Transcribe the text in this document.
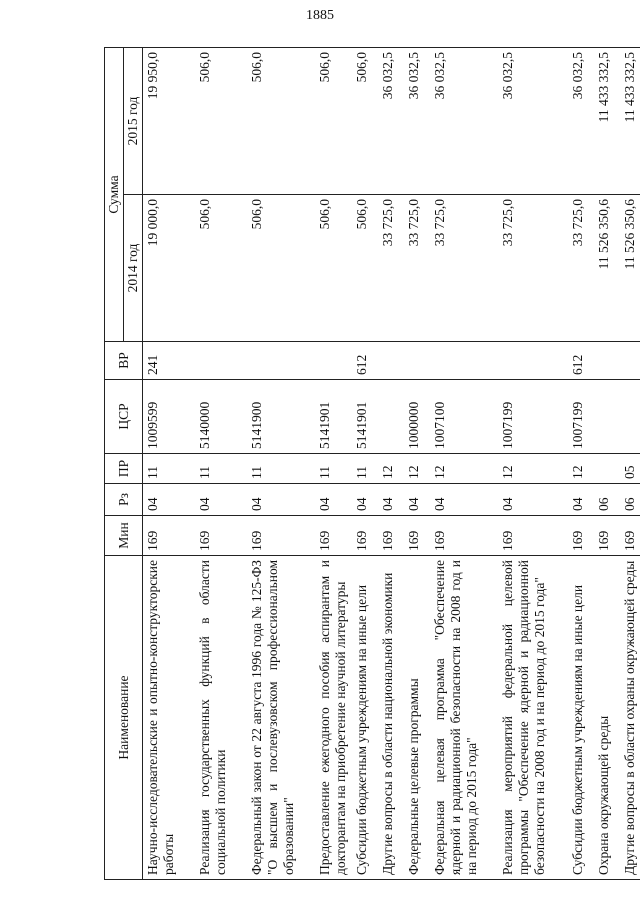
1885
Наименование	Мин	Рз	ПР	ЦСР	ВР	Сумма	
						2014 год	2015 год
Научно-исследовательские и опытно-конструкторские работы	169	04	11	1009599	241	19 000,0	19 950,0
Реализация государственных функций в области социальной политики	169	04	11	5140000		506,0	506,0
Федеральный закон от 22 августа 1996 года № 125-ФЗ "О высшем и послевузовском профессиональном образовании"	169	04	11	5141900		506,0	506,0
Предоставление ежегодного пособия аспирантам и докторантам на приобретение научной литературы	169	04	11	5141901		506,0	506,0
Субсидии бюджетным учреждениям на иные цели	169	04	11	5141901	612	506,0	506,0
Другие вопросы в области национальной экономики	169	04	12			33 725,0	36 032,5
Федеральные целевые программы	169	04	12	1000000		33 725,0	36 032,5
Федеральная целевая программа "Обеспечение ядерной и радиационной безопасности на 2008 год и на период до 2015 года"	169	04	12	1007100		33 725,0	36 032,5
Реализация мероприятий федеральной целевой программы "Обеспечение ядерной и радиационной безопасности на 2008 год и на период до 2015 года"	169	04	12	1007199		33 725,0	36 032,5
Субсидии бюджетным учреждениям на иные цели	169	04	12	1007199	612	33 725,0	36 032,5
Охрана окружающей среды	169	06				11 526 350,6	11 433 332,5
Другие вопросы в области охраны окружающей среды	169	06	05			11 526 350,6	11 433 332,5
